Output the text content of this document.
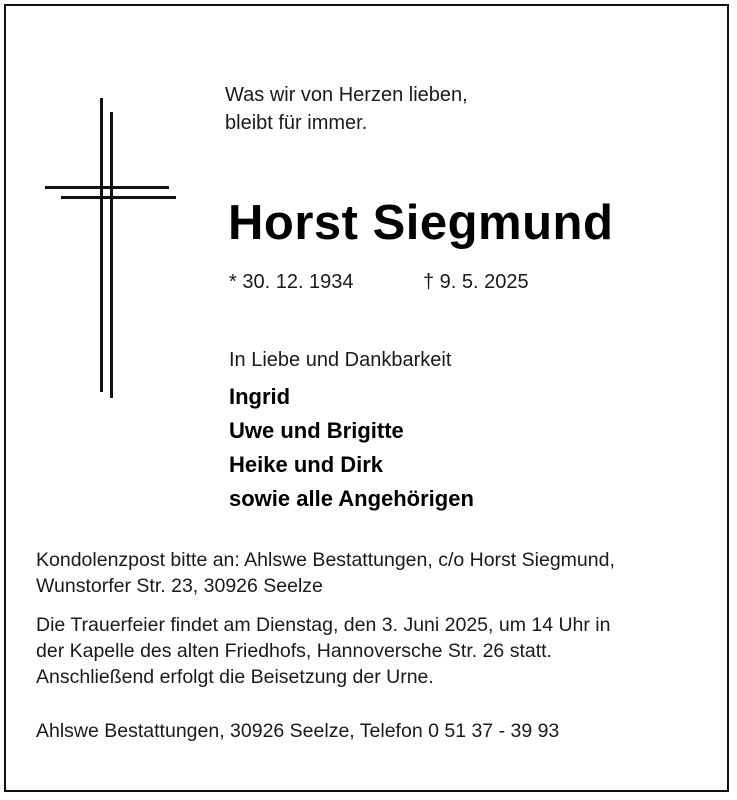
Was wir von Herzen lieben,
bleibt für immer.
Horst Siegmund
* 30. 12. 1934	† 9. 5. 2025
In Liebe und Dankbarkeit
Ingrid
Uwe und Brigitte
Heike und Dirk
sowie alle Angehörigen
Kondolenzpost bitte an: Ahlswe Bestattungen, c/o Horst Siegmund,
Wunstorfer Str. 23, 30926 Seelze
Die Trauerfeier findet am Dienstag, den 3. Juni 2025, um 14 Uhr in
der Kapelle des alten Friedhofs, Hannoversche Str. 26 statt.
Anschließend erfolgt die Beisetzung der Urne.
Ahlswe Bestattungen, 30926 Seelze, Telefon 0 51 37 - 39 93
